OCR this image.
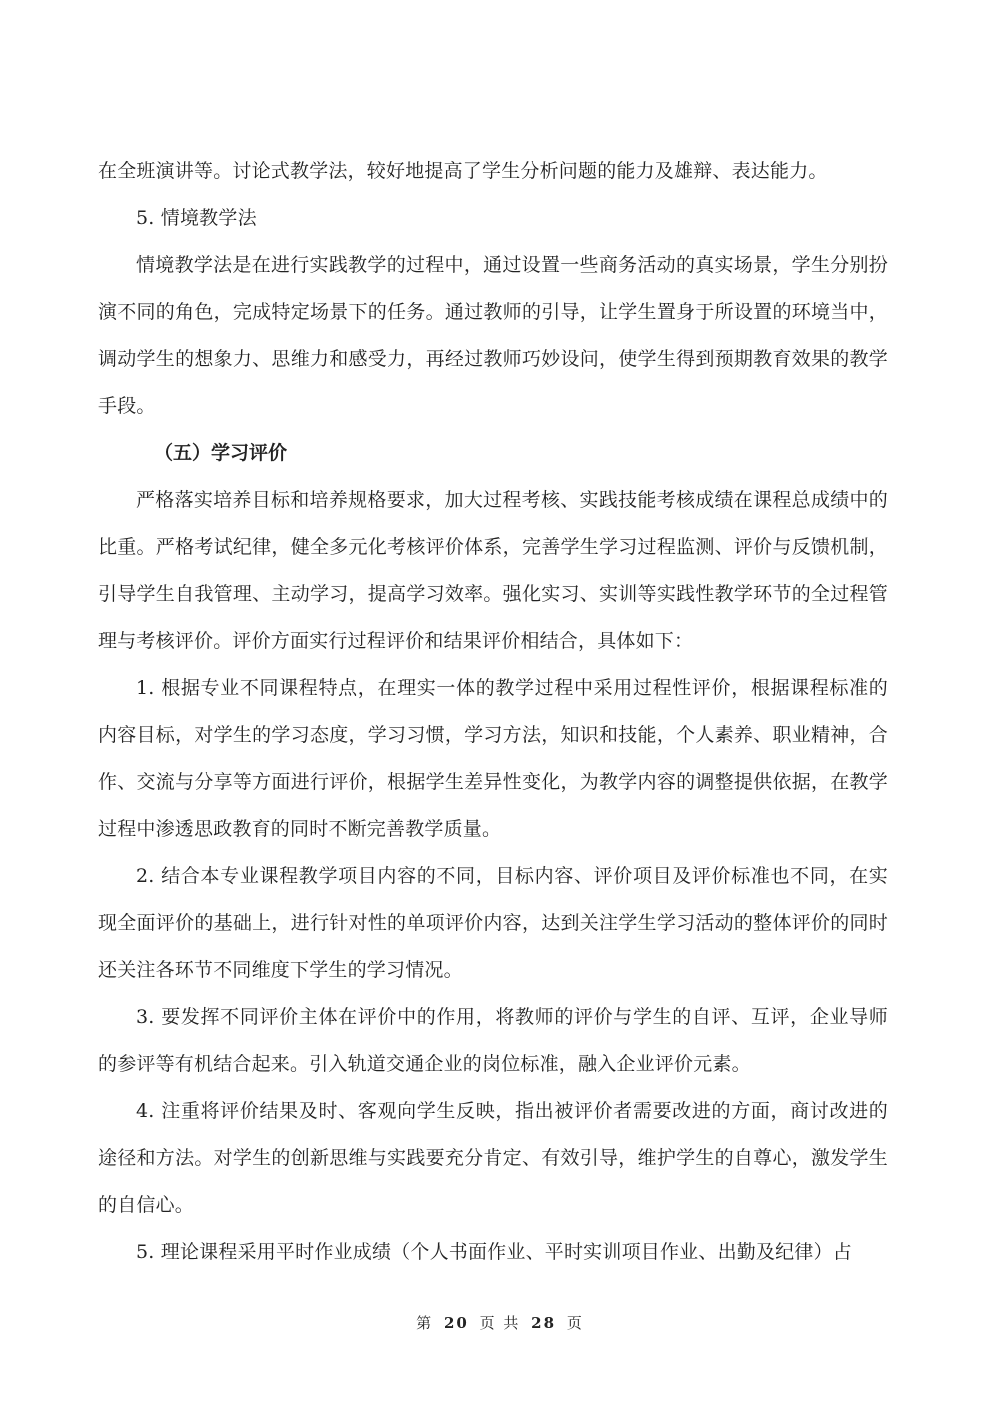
在全班演讲等。讨论式教学法，较好地提高了学生分析问题的能力及雄辩、表达能力。

5. 情境教学法

情境教学法是在进行实践教学的过程中，通过设置一些商务活动的真实场景，学生分别扮演不同的角色，完成特定场景下的任务。通过教师的引导，让学生置身于所设置的环境当中，调动学生的想象力、思维力和感受力，再经过教师巧妙设问，使学生得到预期教育效果的教学手段。

（五）学习评价

严格落实培养目标和培养规格要求，加大过程考核、实践技能考核成绩在课程总成绩中的比重。严格考试纪律，健全多元化考核评价体系，完善学生学习过程监测、评价与反馈机制，引导学生自我管理、主动学习，提高学习效率。强化实习、实训等实践性教学环节的全过程管理与考核评价。评价方面实行过程评价和结果评价相结合，具体如下：

1. 根据专业不同课程特点，在理实一体的教学过程中采用过程性评价，根据课程标准的内容目标，对学生的学习态度，学习习惯，学习方法，知识和技能，个人素养、职业精神，合作、交流与分享等方面进行评价，根据学生差异性变化，为教学内容的调整提供依据，在教学过程中渗透思政教育的同时不断完善教学质量。

2. 结合本专业课程教学项目内容的不同，目标内容、评价项目及评价标准也不同，在实现全面评价的基础上，进行针对性的单项评价内容，达到关注学生学习活动的整体评价的同时还关注各环节不同维度下学生的学习情况。

3. 要发挥不同评价主体在评价中的作用，将教师的评价与学生的自评、互评，企业导师的参评等有机结合起来。引入轨道交通企业的岗位标准，融入企业评价元素。

4. 注重将评价结果及时、客观向学生反映，指出被评价者需要改进的方面，商讨改进的途径和方法。对学生的创新思维与实践要充分肯定、有效引导，维护学生的自尊心，激发学生的自信心。

5. 理论课程采用平时作业成绩（个人书面作业、平时实训项目作业、出勤及纪律）占

第 20 页 共 28 页
